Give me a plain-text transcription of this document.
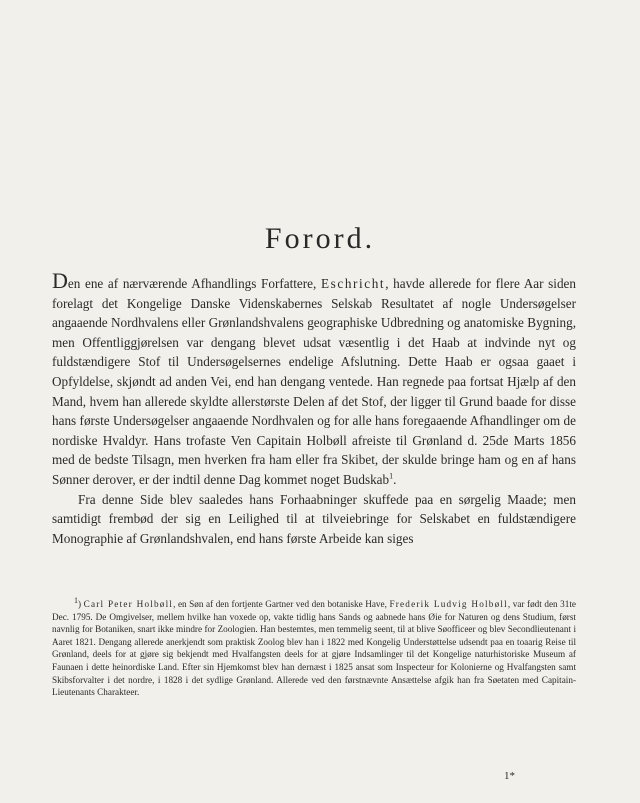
Forord.

Den ene af nærværende Afhandlings Forfattere, Eschricht, havde allerede for flere Aar siden forelagt det Kongelige Danske Videnskabernes Selskab Resultatet af nogle Undersøgelser angaaende Nordhvalens eller Grønlandshvalens geographiske Udbredning og anatomiske Bygning, men Offentliggjørelsen var dengang blevet udsat væsentlig i det Haab at indvinde nyt og fuldstændigere Stof til Undersøgelsernes endelige Afslutning. Dette Haab er ogsaa gaaet i Opfyldelse, skjøndt ad anden Vei, end han dengang ventede. Han regnede paa fortsat Hjælp af den Mand, hvem han allerede skyldte allerstørste Delen af det Stof, der ligger til Grund baade for disse hans første Undersøgelser angaaende Nordhvalen og for alle hans foregaaende Afhandlinger om de nordiske Hvaldyr. Hans trofaste Ven Capitain Holbøll afreiste til Grønland d. 25de Marts 1856 med de bedste Tilsagn, men hverken fra ham eller fra Skibet, der skulde bringe ham og en af hans Sønner derover, er der indtil denne Dag kommet noget Budskab$^1$.

Fra denne Side blev saaledes hans Forhaabninger skuffede paa en sørgelig Maade; men samtidigt frembød der sig en Leilighed til at tilveiebringe for Selskabet en fuldstændigere Monographie af Grønlandshvalen, end hans første Arbeide kan siges

$^1$) Carl Peter Holbøll, en Søn af den fortjente Gartner ved den botaniske Have, Frederik Ludvig Holbøll, var født den 31te Dec. 1795. De Omgivelser, mellem hvilke han voxede op, vakte tidlig hans Sands og aabnede hans Øie for Naturen og dens Studium, først navnlig for Botaniken, snart ikke mindre for Zoologien. Han bestemtes, men temmelig seent, til at blive Søofficeer og blev Secondlieutenant i Aaret 1821. Dengang allerede anerkjendt som praktisk Zoolog blev han i 1822 med Kongelig Understøttelse udsendt paa en toaarig Reise til Grønland, deels for at gjøre sig bekjendt med Hvalfangsten deels for at gjøre Indsamlinger til det Kongelige naturhistoriske Museum af Faunaen i dette heinordiske Land. Efter sin Hjemkomst blev han dernæst i 1825 ansat som Inspecteur for Kolonierne og Hvalfangsten samt Skibsforvalter i det nordre, i 1828 i det sydlige Grønland. Allerede ved den førstnævnte Ansættelse afgik han fra Søetaten med Capitain-Lieutenants Charakteer.

1*
